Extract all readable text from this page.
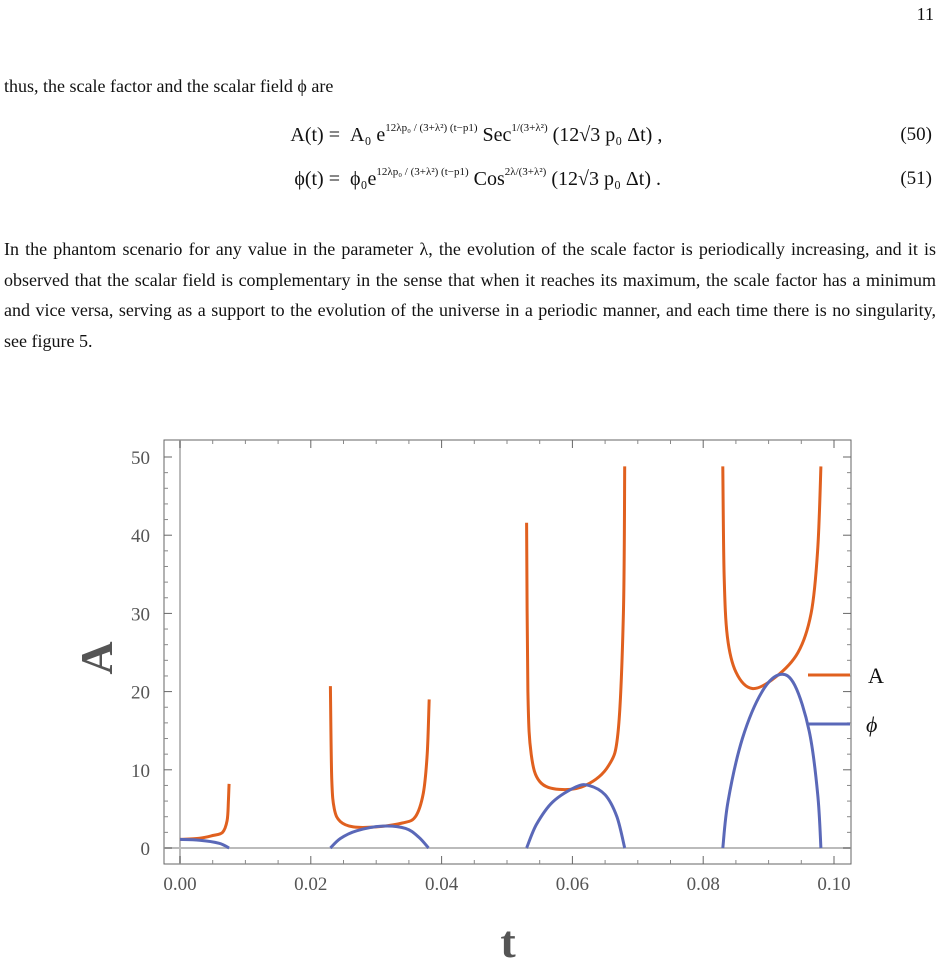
11
thus, the scale factor and the scalar field ϕ are
A(t) = A₀ $e^{12\lambda p_0 / (3+\lambda^2) (t-p1)}$ Sec$^{1/(3+\lambda^2)}$ (12√3 p₀ Δt) ,	(50)
$\phi(t) = \phi_0e^{12\lambda p_0 / (3+\lambda^2) (t-p1)}$ Cos$^{2\lambda/(3+\lambda^2)}$ (12√3 p₀ Δt) .	(51)
In the phantom scenario for any value in the parameter λ, the evolution of the scale factor is periodically increasing, and it is observed that the scalar field is complementary in the sense that when it reaches its maximum, the scale factor has a minimum and vice versa, serving as a support to the evolution of the universe in a periodic manner, and each time there is no singularity, see figure 5.
0.00	0.02	0.04	0.06	0.08	0.10
0
10
20
30
40
50
A
t
A
ϕ
